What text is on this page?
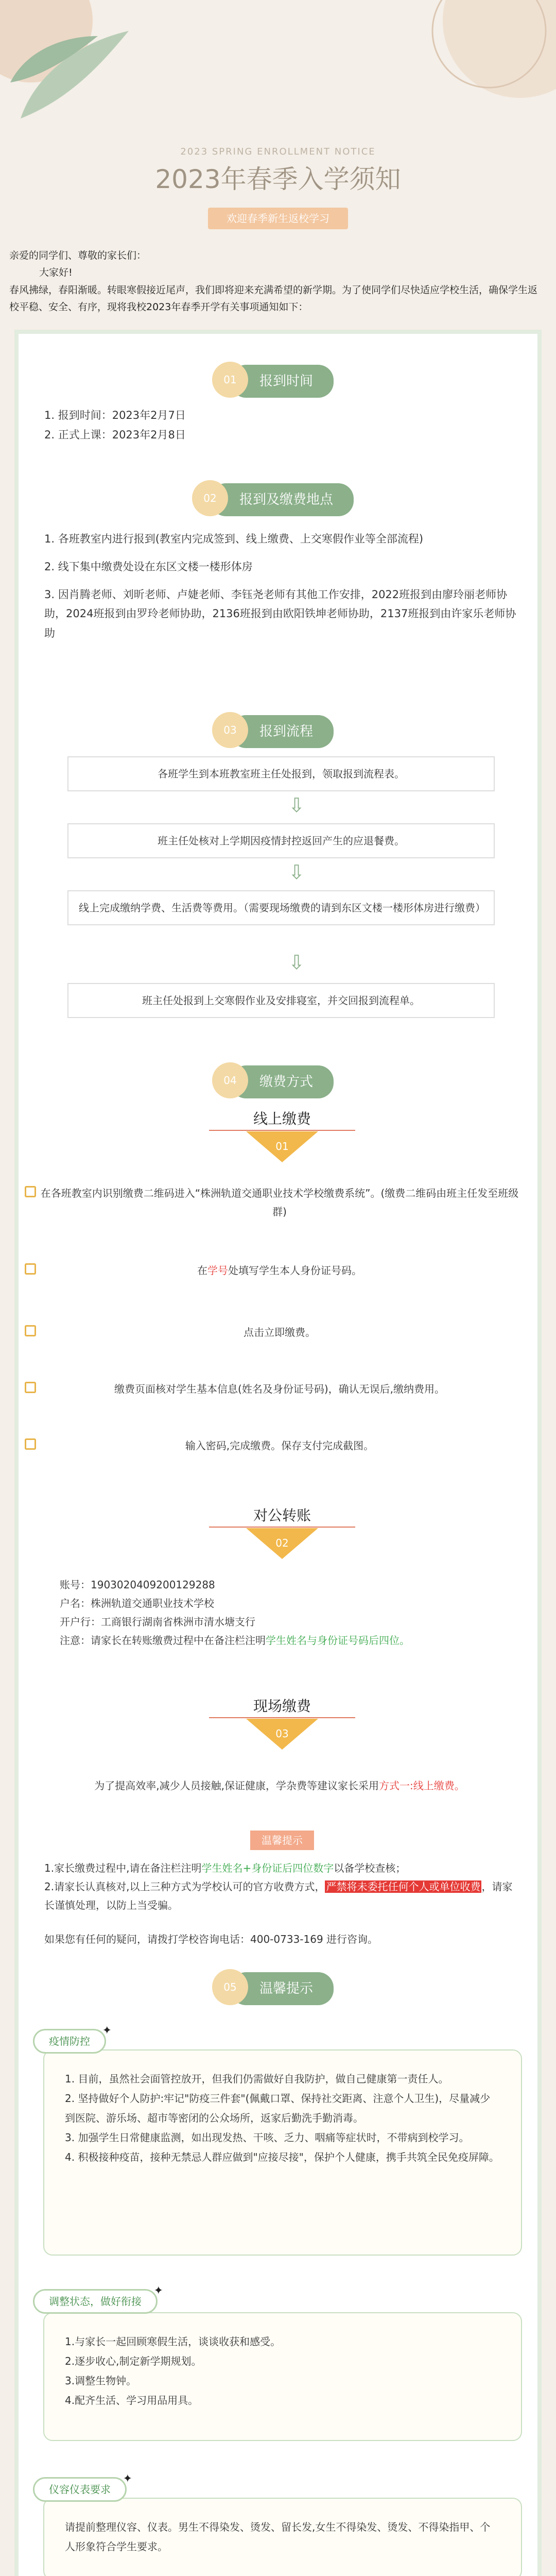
2023 SPRING ENROLLMENT NOTICE
2023年春季入学须知
欢迎春季新生返校学习

亲爱的同学们、尊敬的家长们：

大家好!

春风拂绿，春阳渐暖。转眼寒假接近尾声，我们即将迎来充满希望的新学期。为了使同学们尽快适应学校生活，确保学生返校平稳、安全、有序，现将我校2023年春季开学有关事项通知如下：

01	报到时间

1. 报到时间：2023年2月7日

2. 正式上课：2023年2月8日

02	报到及缴费地点

1. 各班教室内进行报到(教室内完成签到、线上缴费、上交寒假作业等全部流程)

2. 线下集中缴费处设在东区文楼一楼形体房

3. 因肖腾老师、刘昕老师、卢婕老师、李钰尧老师有其他工作安排，2022班报到由廖玲丽老师协助，2024班报到由罗玲老师协助，2136班报到由欧阳铁坤老师协助，2137班报到由许家乐老师协助

03	报到流程
各班学生到本班教室班主任处报到，领取报到流程表。
⇩
班主任处核对上学期因疫情封控返回产生的应退餐费。
⇩
线上完成缴纳学费、生活费等费用。（需要现场缴费的请到东区文楼一楼形体房进行缴费）
⇩
班主任处报到上交寒假作业及安排寝室，并交回报到流程单。
04	缴费方式
线上缴费
01
在各班教室内识别缴费二维码进入“株洲轨道交通职业技术学校缴费系统”。(缴费二维码由班主任发至班级群)
在学号处填写学生本人身份证号码。
点击立即缴费。
缴费页面核对学生基本信息(姓名及身份证号码)，确认无误后,缴纳费用。
输入密码,完成缴费。保存支付完成截图。
对公转账
02

账号：1903020409200129288

户名：株洲轨道交通职业技术学校

开户行：工商银行湖南省株洲市清水塘支行

注意：请家长在转账缴费过程中在备注栏注明学生姓名与身份证号码后四位。

现场缴费
03
为了提高效率,减少人员接触,保证健康，学杂费等建议家长采用方式一:线上缴费。
温馨提示

1.家长缴费过程中,请在备注栏注明学生姓名+身份证后四位数字以备学校查核；

2.请家长认真核对,以上三种方式为学校认可的官方收费方式， 严禁将未委托任何个人或单位收费 ，请家长谨慎处理，以防上当受骗。

如果您有任何的疑问，请拨打学校咨询电话：400-0733-169 进行咨询。

05	温馨提示

1. 目前，虽然社会面管控放开，但我们仍需做好自我防护，做自己健康第一责任人。

2. 坚持做好个人防护:牢记"防疫三件套"(佩戴口罩、保持社交距离、注意个人卫生)，尽量减少到医院、游乐场、超市等密闭的公众场所，返家后勤洗手勤消毒。

3. 加强学生日常健康监测，如出现发热、干咳、乏力、咽痛等症状时，不带病到校学习。

4. 积极接种疫苗，接种无禁忌人群应做到"应接尽接"，保护个人健康，携手共筑全民免疫屏障。

疫情防控
✦

1.与家长一起回顾寒假生活，谈谈收获和感受。

2.逐步收心,制定新学期规划。

3.调整生物钟。

4.配齐生活、学习用品用具。

调整状态，做好衔接
✦

请提前整理仪容、仪表。男生不得染发、烫发、留长发,女生不得染发、烫发、不得染指甲、个人形象符合学生要求。

仪容仪表要求
✦
